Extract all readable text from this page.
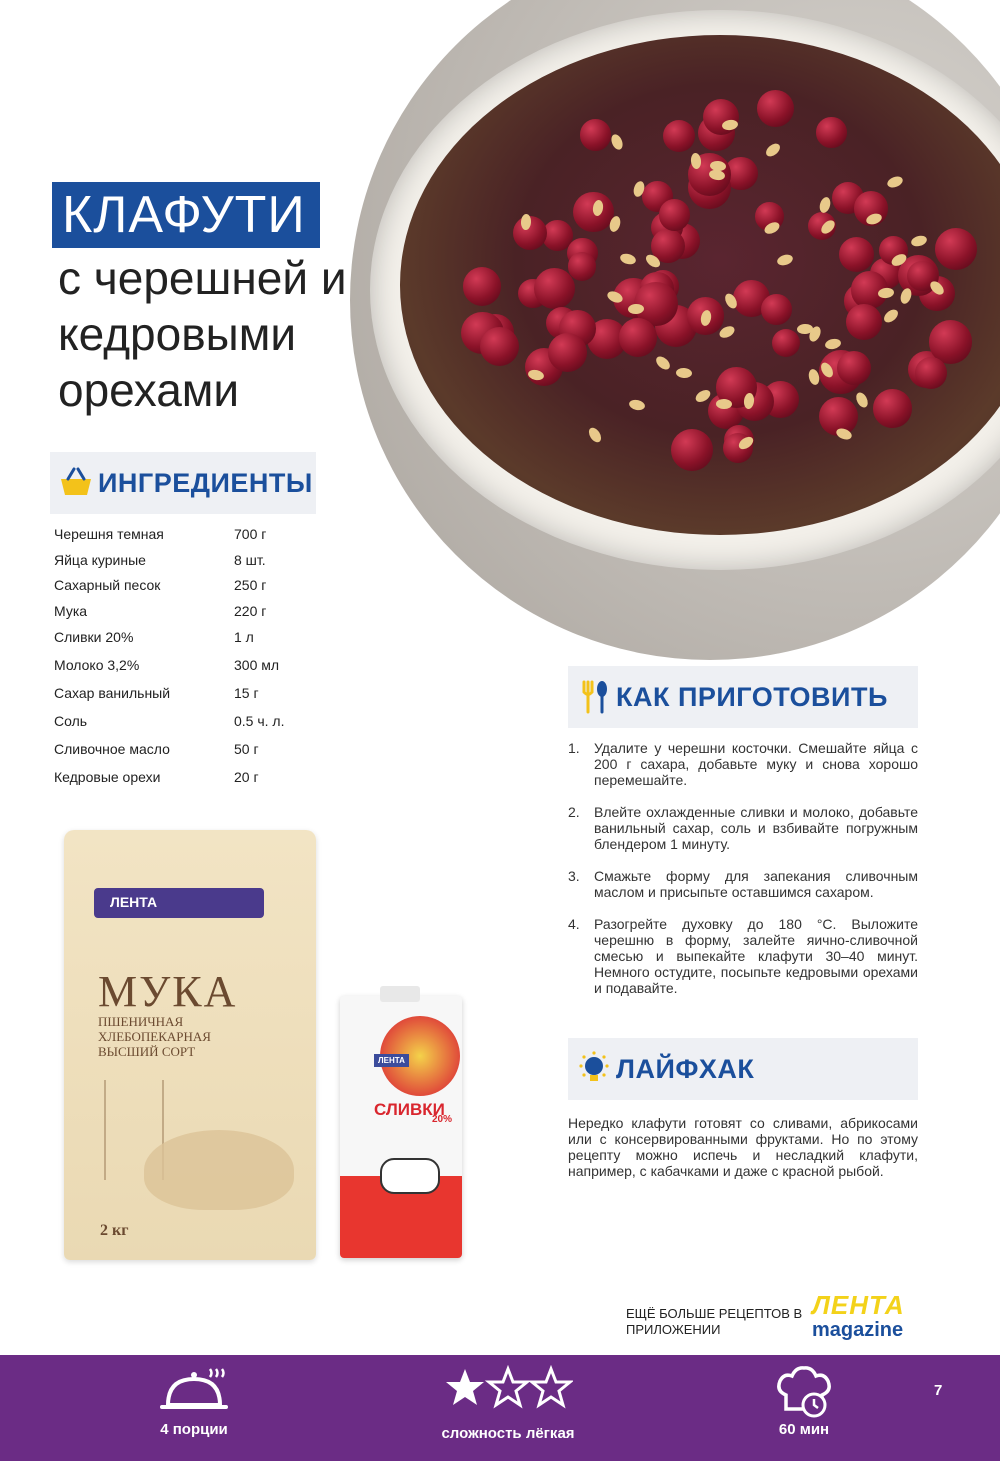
КЛАФУТИ
с черешней и кедровыми орехами
ИНГРЕДИЕНТЫ
Черешня темная	700 г
Яйца куриные	8 шт.
Сахарный песок	250 г
Мука	220 г
Сливки 20%	1 л
Молоко 3,2%	300 мл
Сахар ванильный	15 г
Соль	0.5 ч. л.
Сливочное масло	50 г
Кедровые орехи	20 г
ЛЕНТА
МУКА
ПШЕНИЧНАЯ ХЛЕБОПЕКАРНАЯ ВЫСШИЙ СОРТ
2 кг
ЛЕНТА
СЛИВКИ
20%
КАК ПРИГОТОВИТЬ
1.	Удалите у черешни косточки. Смешайте яйца с 200 г сахара, добавьте муку и снова хорошо перемешайте.
2.	Влейте охлажденные сливки и молоко, добавьте ванильный сахар, соль и взбивайте погружным блендером 1 минуту.
3.	Смажьте форму для запекания сливочным маслом и присыпьте оставшимся сахаром.
4.	Разогрейте духовку до 180 °С. Выложите черешню в форму, залейте яично-сливочной смесью и выпекайте клафути 30–40 минут. Немного остудите, посыпьте кедровыми орехами и подавайте.
ЛАЙФХАК
Нередко клафути готовят со сливами, абрикосами или с консервированными фруктами. Но по этому рецепту можно испечь и несладкий клафути, например, с кабачками и даже с красной рыбой.
ЕЩЁ БОЛЬШЕ РЕЦЕПТОВ В ПРИЛОЖЕНИИ
ЛЕНТА
magazine
4 порции	сложность лёгкая	60 мин
7
